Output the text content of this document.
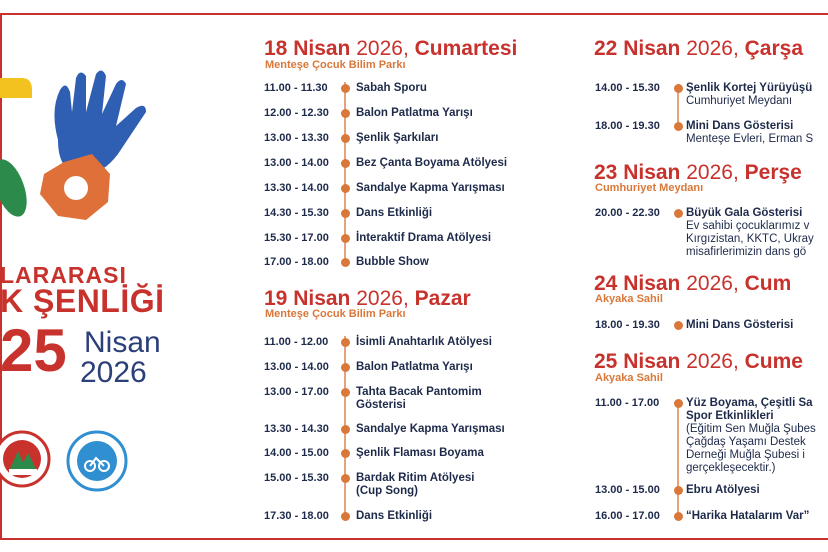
LARARASI
K ŞENLİĞİ
25 Nisan
2026
18 Nisan 2026, Cumartesi
Menteşe Çocuk Bilim Parkı
11.00 - 11.30 Sabah Sporu
12.00 - 12.30 Balon Patlatma Yarışı
13.00 - 13.30 Şenlik Şarkıları
13.00 - 14.00 Bez Çanta Boyama Atölyesi
13.30 - 14.00 Sandalye Kapma Yarışması
14.30 - 15.30 Dans Etkinliği
15.30 - 17.00 İnteraktif Drama Atölyesi
17.00 - 18.00 Bubble Show
19 Nisan 2026, Pazar
Menteşe Çocuk Bilim Parkı
11.00 - 12.00 İsimli Anahtarlık Atölyesi
13.00 - 14.00 Balon Patlatma Yarışı
13.00 - 17.00 Tahta Bacak Pantomim
Gösterisi
13.30 - 14.30 Sandalye Kapma Yarışması
14.00 - 15.00 Şenlik Flaması Boyama
15.00 - 15.30 Bardak Ritim Atölyesi
(Cup Song)
17.30 - 18.00 Dans Etkinliği
22 Nisan 2026, Çarşa
14.00 - 15.30 Şenlik Kortej Yürüyüşü
Cumhuriyet Meydanı
18.00 - 19.30 Mini Dans Gösterisi
Menteşe Evleri, Erman S
23 Nisan 2026, Perşe
Cumhuriyet Meydanı
20.00 - 22.30 Büyük Gala Gösterisi
Ev sahibi çocuklarımız v
Kırgızistan, KKTC, Ukray
misafirlerimizin dans gö
24 Nisan 2026, Cum
Akyaka Sahil
18.00 - 19.30 Mini Dans Gösterisi
25 Nisan 2026, Cume
Akyaka Sahil
11.00 - 17.00 Yüz Boyama, Çeşitli Sa
Spor Etkinlikleri
(Eğitim Sen Muğla Şubes
Çağdaş Yaşamı Destek
Derneği Muğla Şubesi i
gerçekleşecektir.)
13.00 - 15.00 Ebru Atölyesi
16.00 - 17.00 “Harika Hatalarım Var”
